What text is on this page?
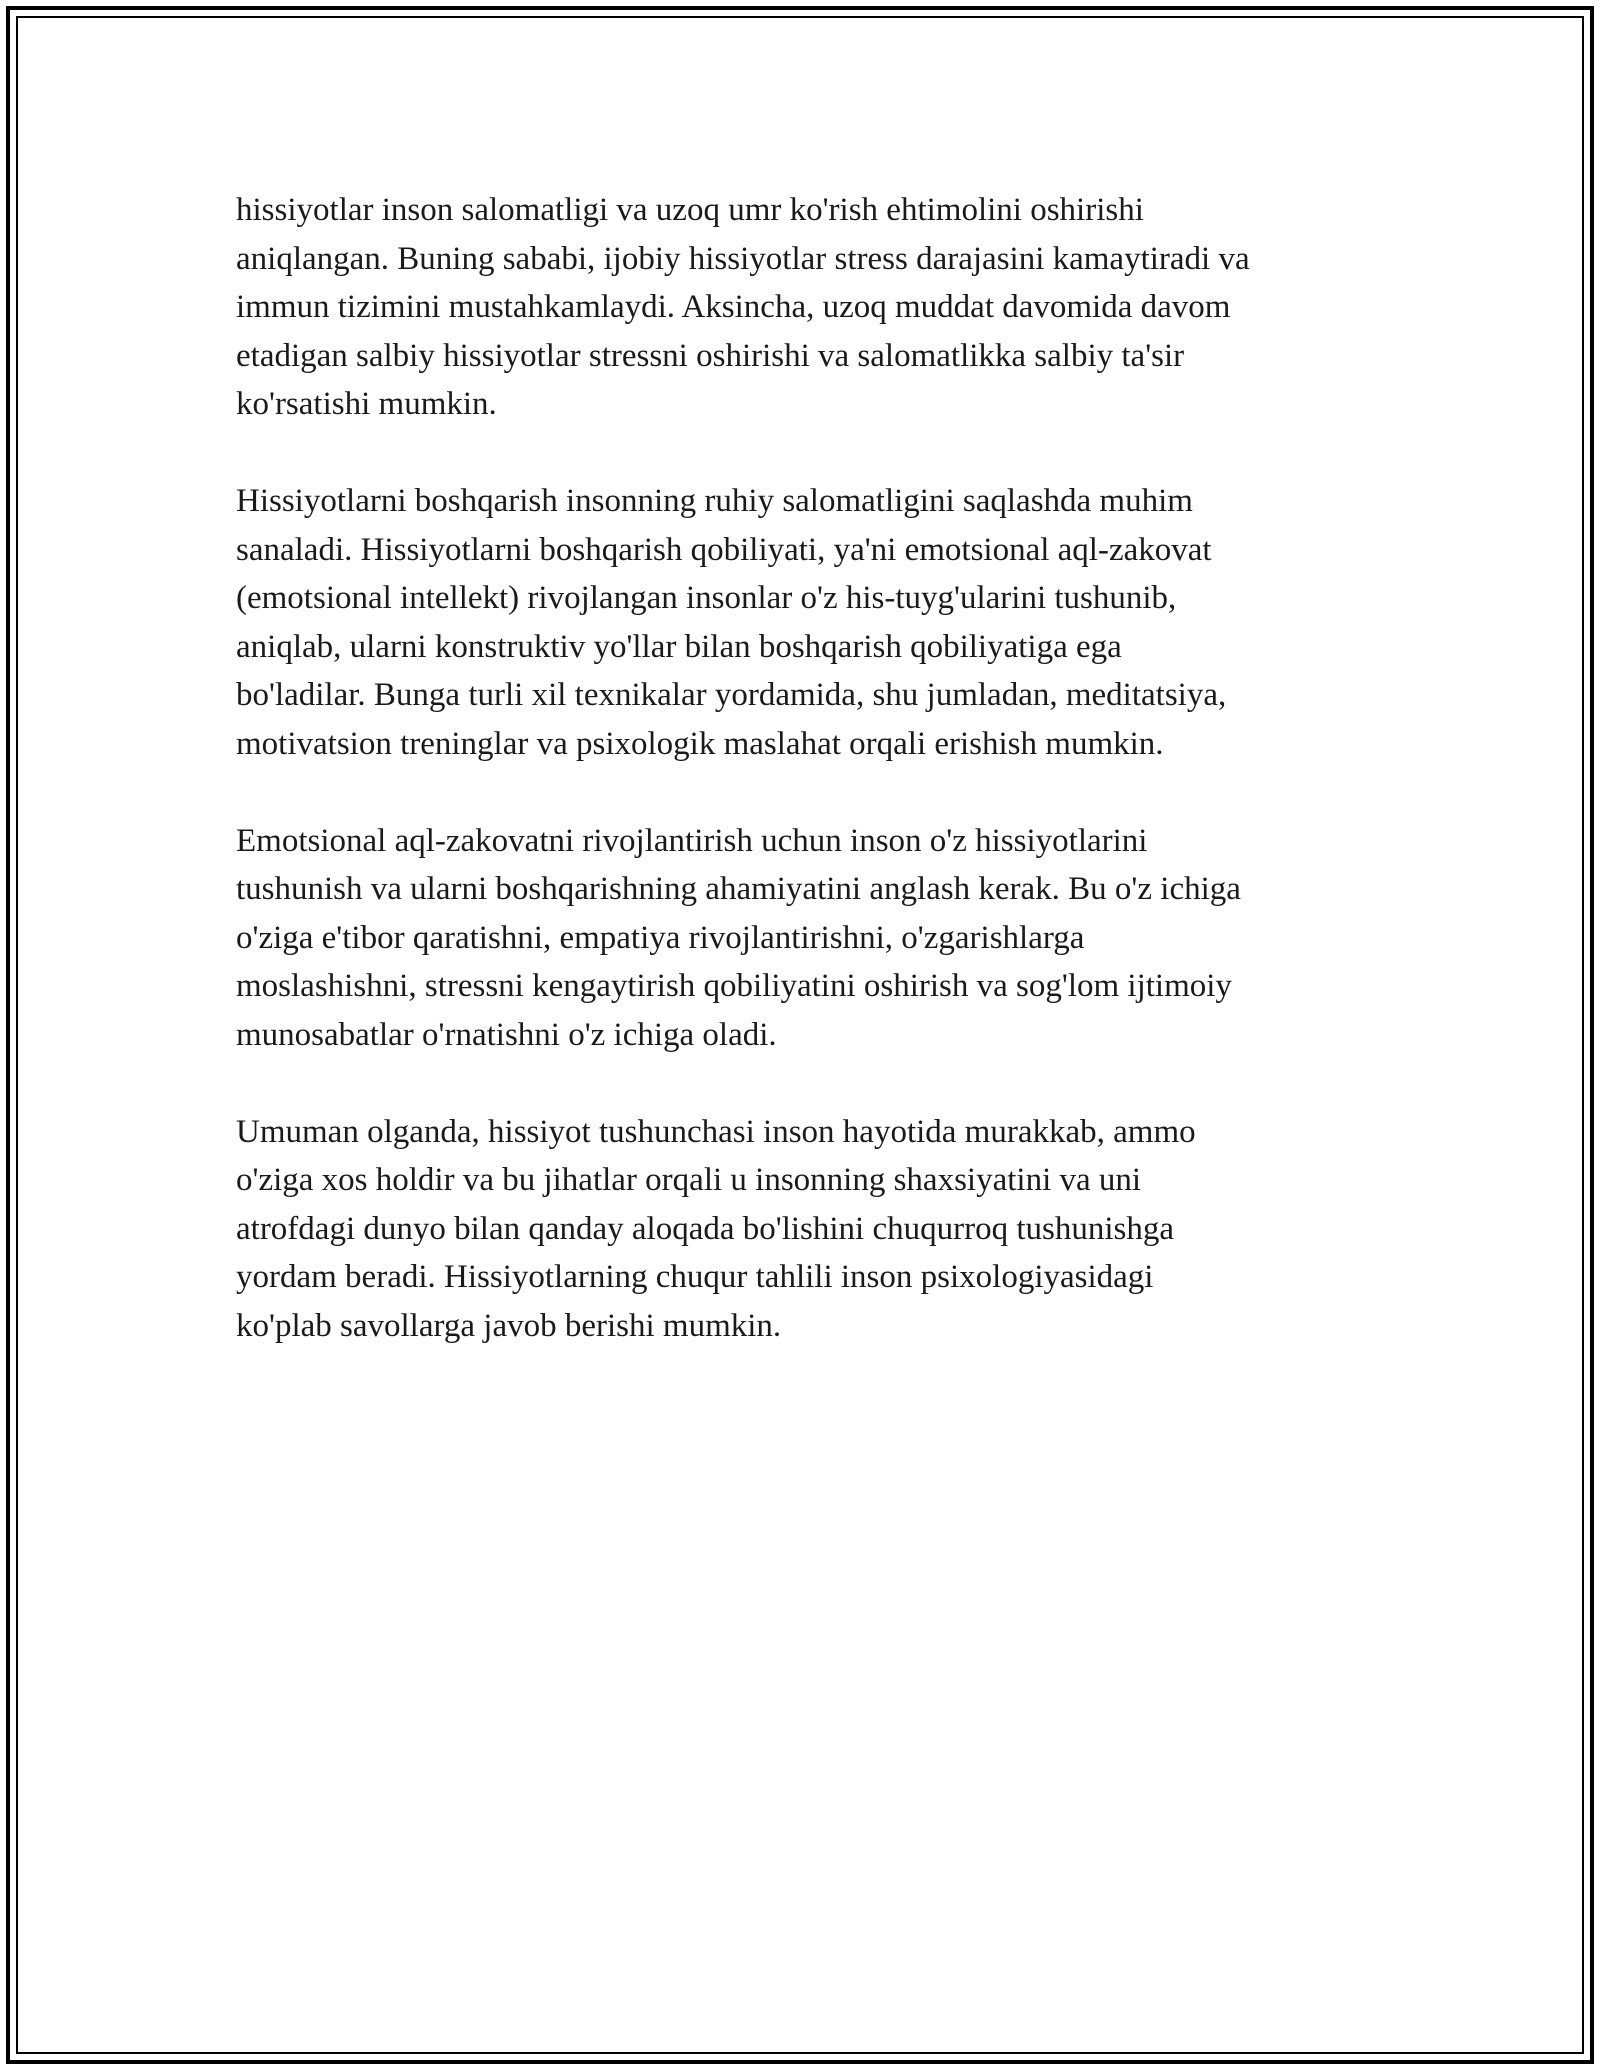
hissiyotlar inson salomatligi va uzoq umr ko'rish ehtimolini oshirishi
aniqlangan. Buning sababi, ijobiy hissiyotlar stress darajasini kamaytiradi va
immun tizimini mustahkamlaydi. Aksincha, uzoq muddat davomida davom
etadigan salbiy hissiyotlar stressni oshirishi va salomatlikka salbiy ta'sir
ko'rsatishi mumkin.

Hissiyotlarni boshqarish insonning ruhiy salomatligini saqlashda muhim
sanaladi. Hissiyotlarni boshqarish qobiliyati, ya'ni emotsional aql-zakovat
(emotsional intellekt) rivojlangan insonlar o'z his-tuyg'ularini tushunib,
aniqlab, ularni konstruktiv yo'llar bilan boshqarish qobiliyatiga ega
bo'ladilar. Bunga turli xil texnikalar yordamida, shu jumladan, meditatsiya,
motivatsion treninglar va psixologik maslahat orqali erishish mumkin.

Emotsional aql-zakovatni rivojlantirish uchun inson o'z hissiyotlarini
tushunish va ularni boshqarishning ahamiyatini anglash kerak. Bu o'z ichiga
o'ziga e'tibor qaratishni, empatiya rivojlantirishni, o'zgarishlarga
moslashishni, stressni kengaytirish qobiliyatini oshirish va sog'lom ijtimoiy
munosabatlar o'rnatishni o'z ichiga oladi.

Umuman olganda, hissiyot tushunchasi inson hayotida murakkab, ammo
o'ziga xos holdir va bu jihatlar orqali u insonning shaxsiyatini va uni
atrofdagi dunyo bilan qanday aloqada bo'lishini chuqurroq tushunishga
yordam beradi. Hissiyotlarning chuqur tahlili inson psixologiyasidagi
ko'plab savollarga javob berishi mumkin.
